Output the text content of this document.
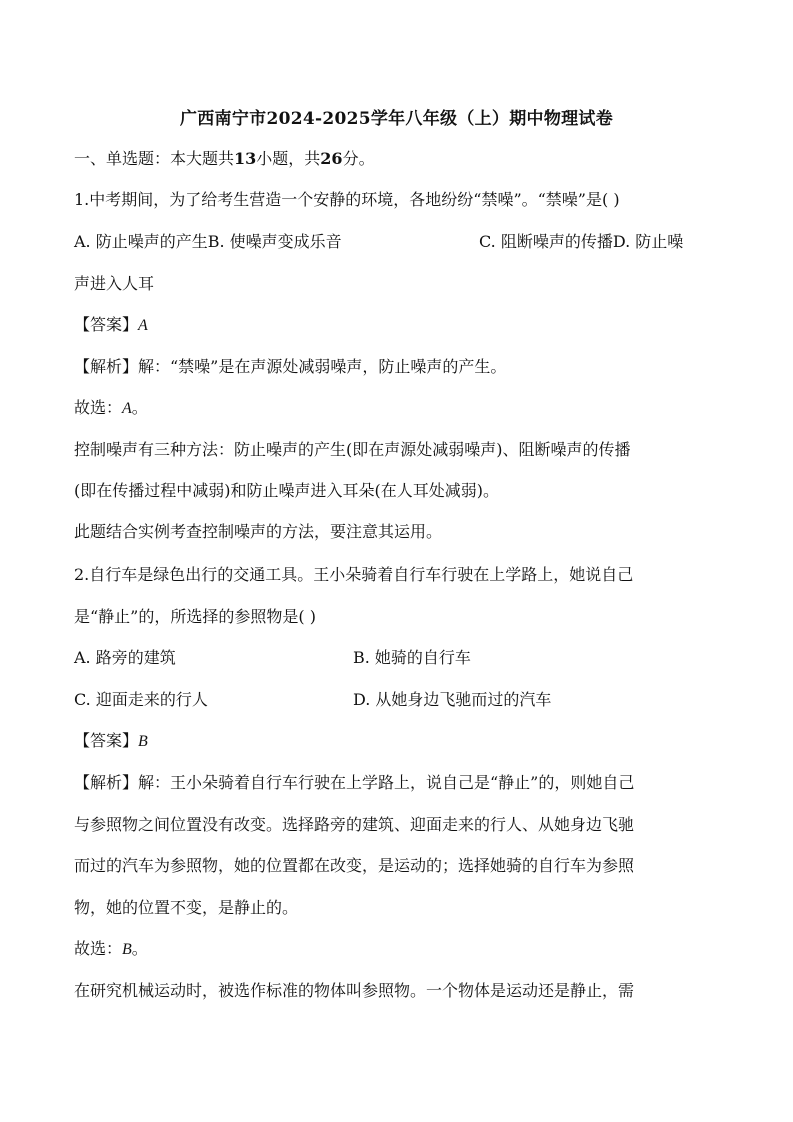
广西南宁市2024-2025学年八年级（上）期中物理试卷
一、单选题：本大题共13小题，共26分。
1.中考期间，为了给考生营造一个安静的环境，各地纷纷“禁噪”。“禁噪”是( )
A. 防止噪声的产生B. 使噪声变成乐音	C. 阻断噪声的传播D. 防止噪
声进入人耳
【答案】A
【解析】解：“禁噪”是在声源处减弱噪声，防止噪声的产生。
故选：A。
控制噪声有三种方法：防止噪声的产生(即在声源处减弱噪声)、阻断噪声的传播
(即在传播过程中减弱)和防止噪声进入耳朵(在人耳处减弱)。
此题结合实例考查控制噪声的方法，要注意其运用。
2.自行车是绿色出行的交通工具。王小朵骑着自行车行驶在上学路上，她说自己
是“静止”的，所选择的参照物是( )
A. 路旁的建筑	B. 她骑的自行车
C. 迎面走来的行人	D. 从她身边飞驰而过的汽车
【答案】B
【解析】解：王小朵骑着自行车行驶在上学路上，说自己是“静止”的，则她自己
与参照物之间位置没有改变。选择路旁的建筑、迎面走来的行人、从她身边飞驰
而过的汽车为参照物，她的位置都在改变，是运动的；选择她骑的自行车为参照
物，她的位置不变，是静止的。
故选：B。
在研究机械运动时，被选作标准的物体叫参照物。一个物体是运动还是静止，需
